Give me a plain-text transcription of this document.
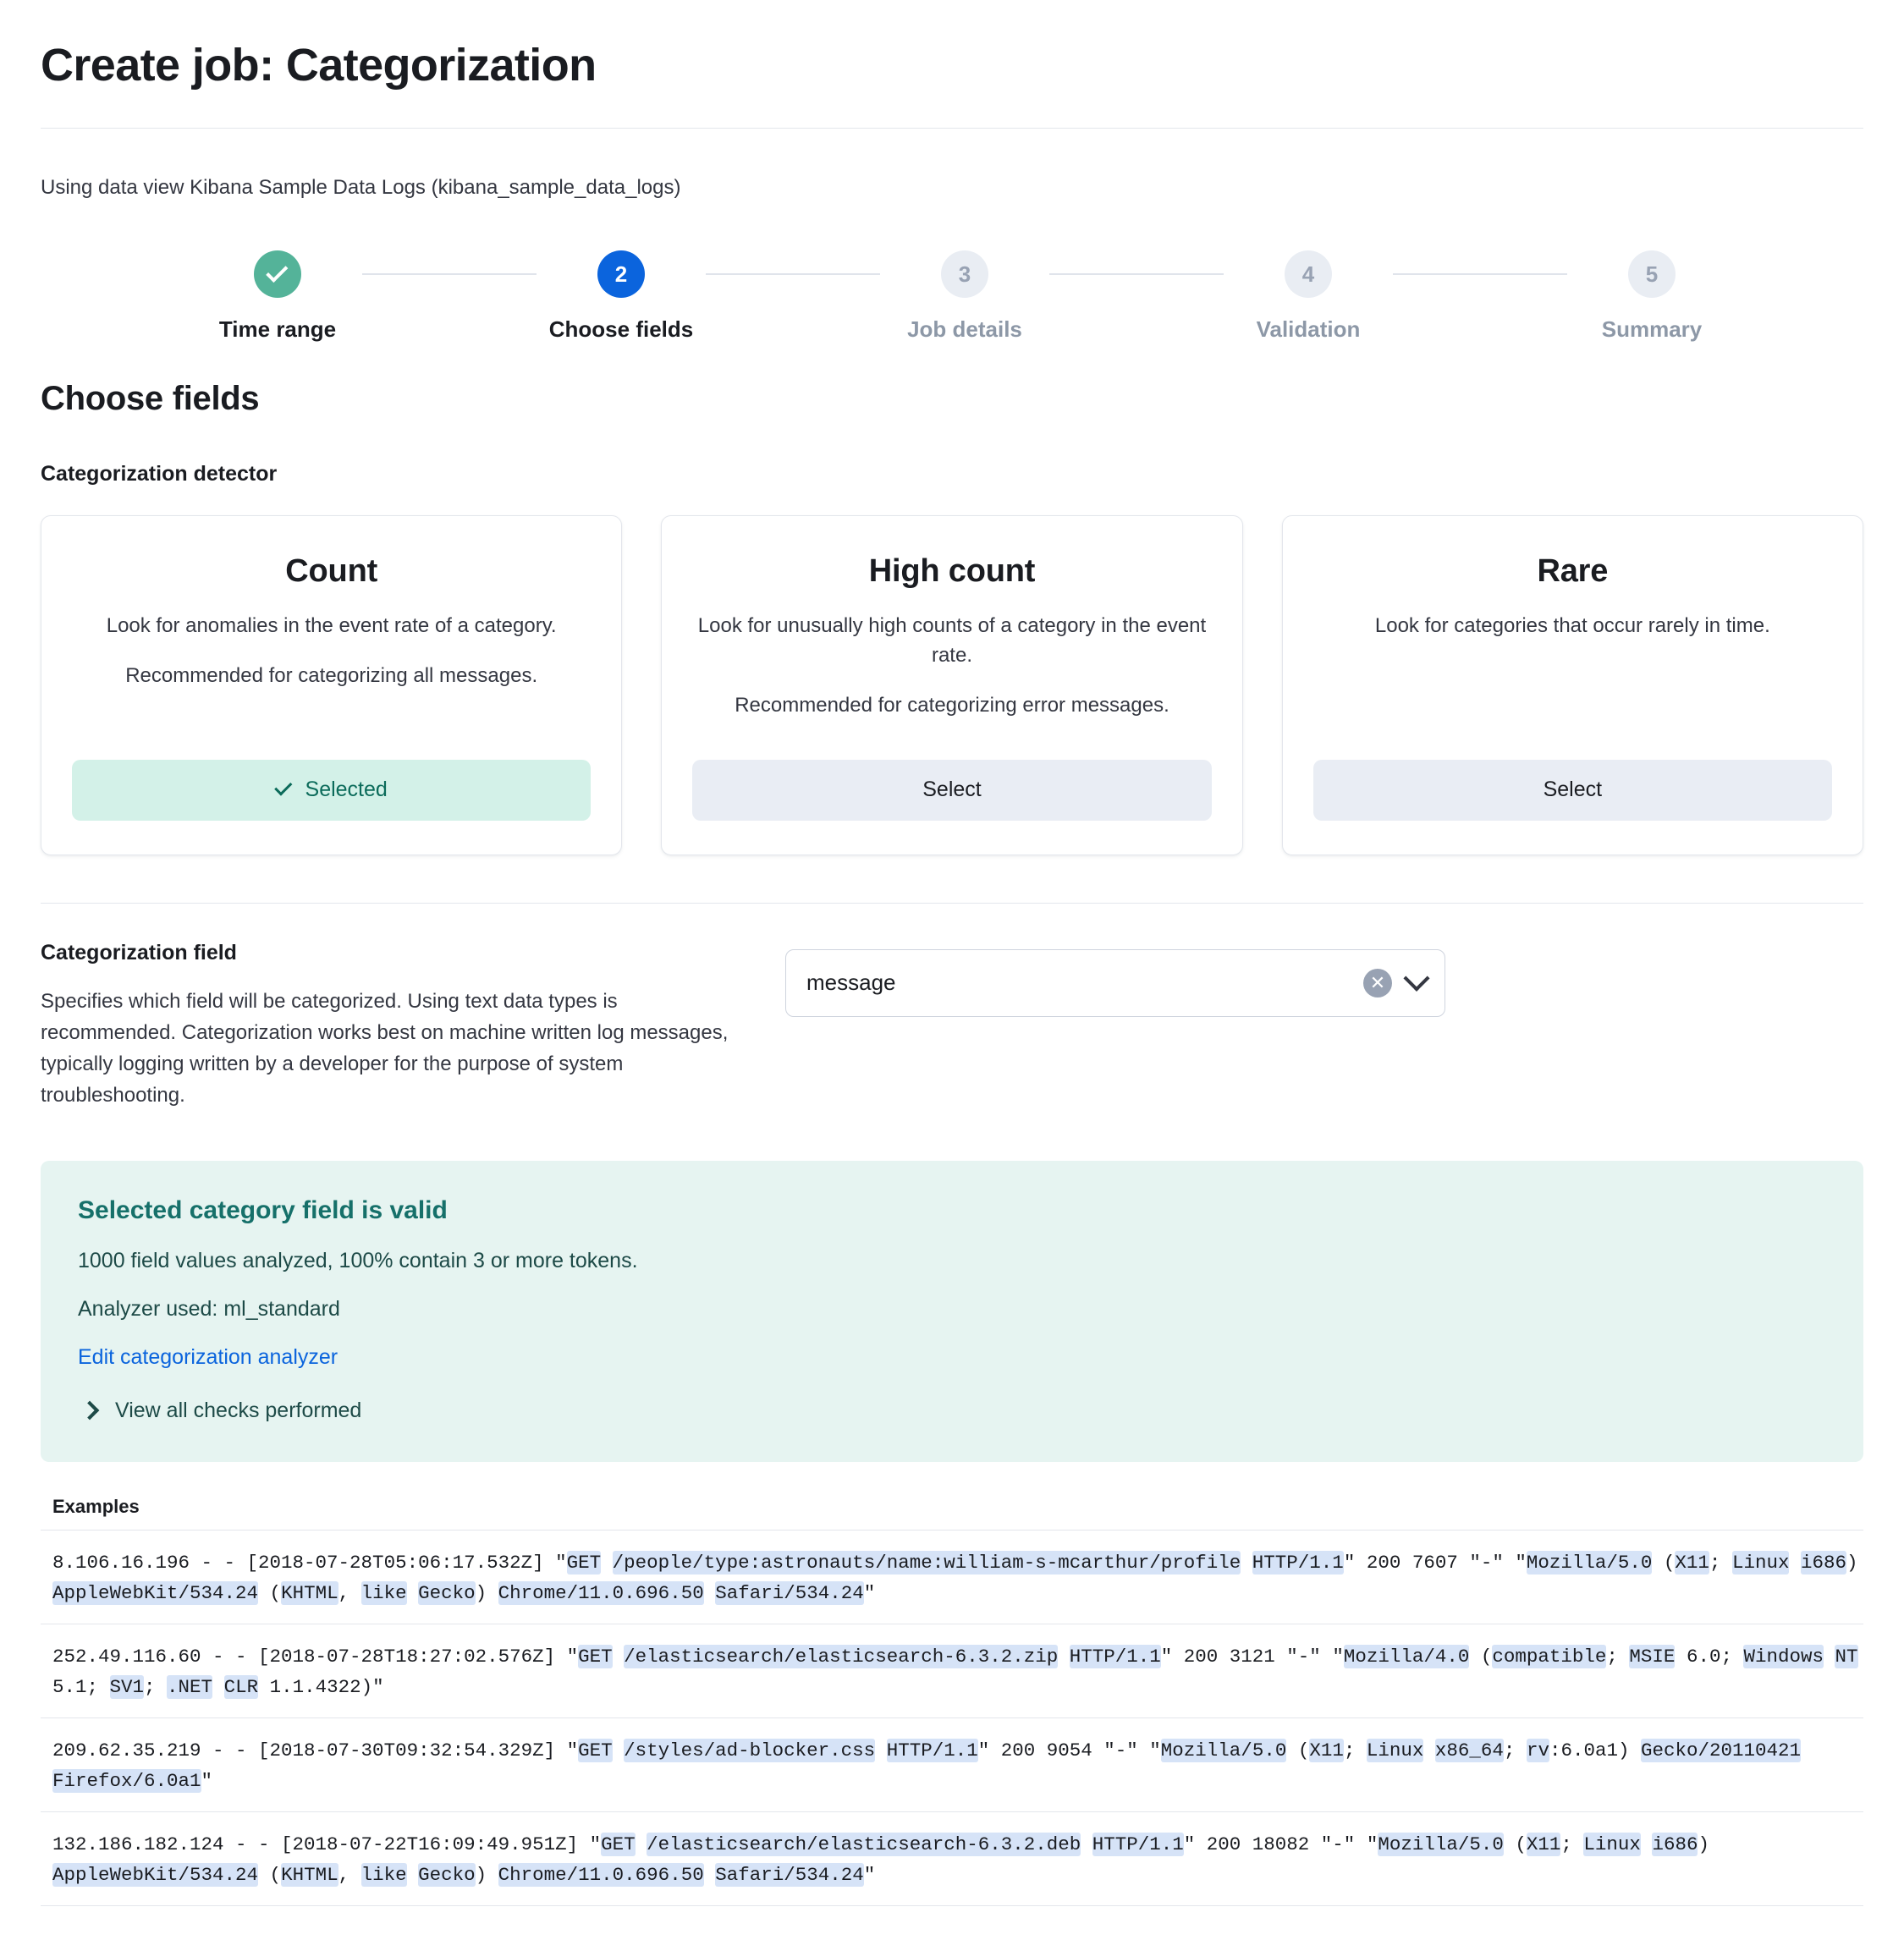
Create job: Categorization
Using data view Kibana Sample Data Logs (kibana_sample_data_logs)
Time range
2
Choose fields
3
Job details
4
Validation
5
Summary
Choose fields
Categorization detector
Count
Look for anomalies in the event rate of a category.
Recommended for categorizing all messages.
Selected
High count
Look for unusually high counts of a category in the event rate.
Recommended for categorizing error messages.
Select
Rare
Look for categories that occur rarely in time.
Select
Categorization field

Specifies which field will be categorized. Using text data types is recommended. Categorization works best on machine written log messages, typically logging written by a developer for the purpose of system troubleshooting.

message	✕
Selected category field is valid
1000 field values analyzed, 100% contain 3 or more tokens.
Analyzer used: ml_standard
Edit categorization analyzer
View all checks performed
Examples
8.106.16.196 - - [2018-07-28T05:06:17.532Z] "GET /people/type:astronauts/name:william-s-mcarthur/profile HTTP/1.1" 200 7607 "-" "Mozilla/5.0 (X11; Linux i686) AppleWebKit/534.24 (KHTML, like Gecko) Chrome/11.0.696.50 Safari/534.24"
252.49.116.60 - - [2018-07-28T18:27:02.576Z] "GET /elasticsearch/elasticsearch-6.3.2.zip HTTP/1.1" 200 3121 "-" "Mozilla/4.0 (compatible; MSIE 6.0; Windows NT 5.1; SV1; .NET CLR 1.1.4322)"
209.62.35.219 - - [2018-07-30T09:32:54.329Z] "GET /styles/ad-blocker.css HTTP/1.1" 200 9054 "-" "Mozilla/5.0 (X11; Linux x86_64; rv:6.0a1) Gecko/20110421 Firefox/6.0a1"
132.186.182.124 - - [2018-07-22T16:09:49.951Z] "GET /elasticsearch/elasticsearch-6.3.2.deb HTTP/1.1" 200 18082 "-" "Mozilla/5.0 (X11; Linux i686) AppleWebKit/534.24 (KHTML, like Gecko) Chrome/11.0.696.50 Safari/534.24"
